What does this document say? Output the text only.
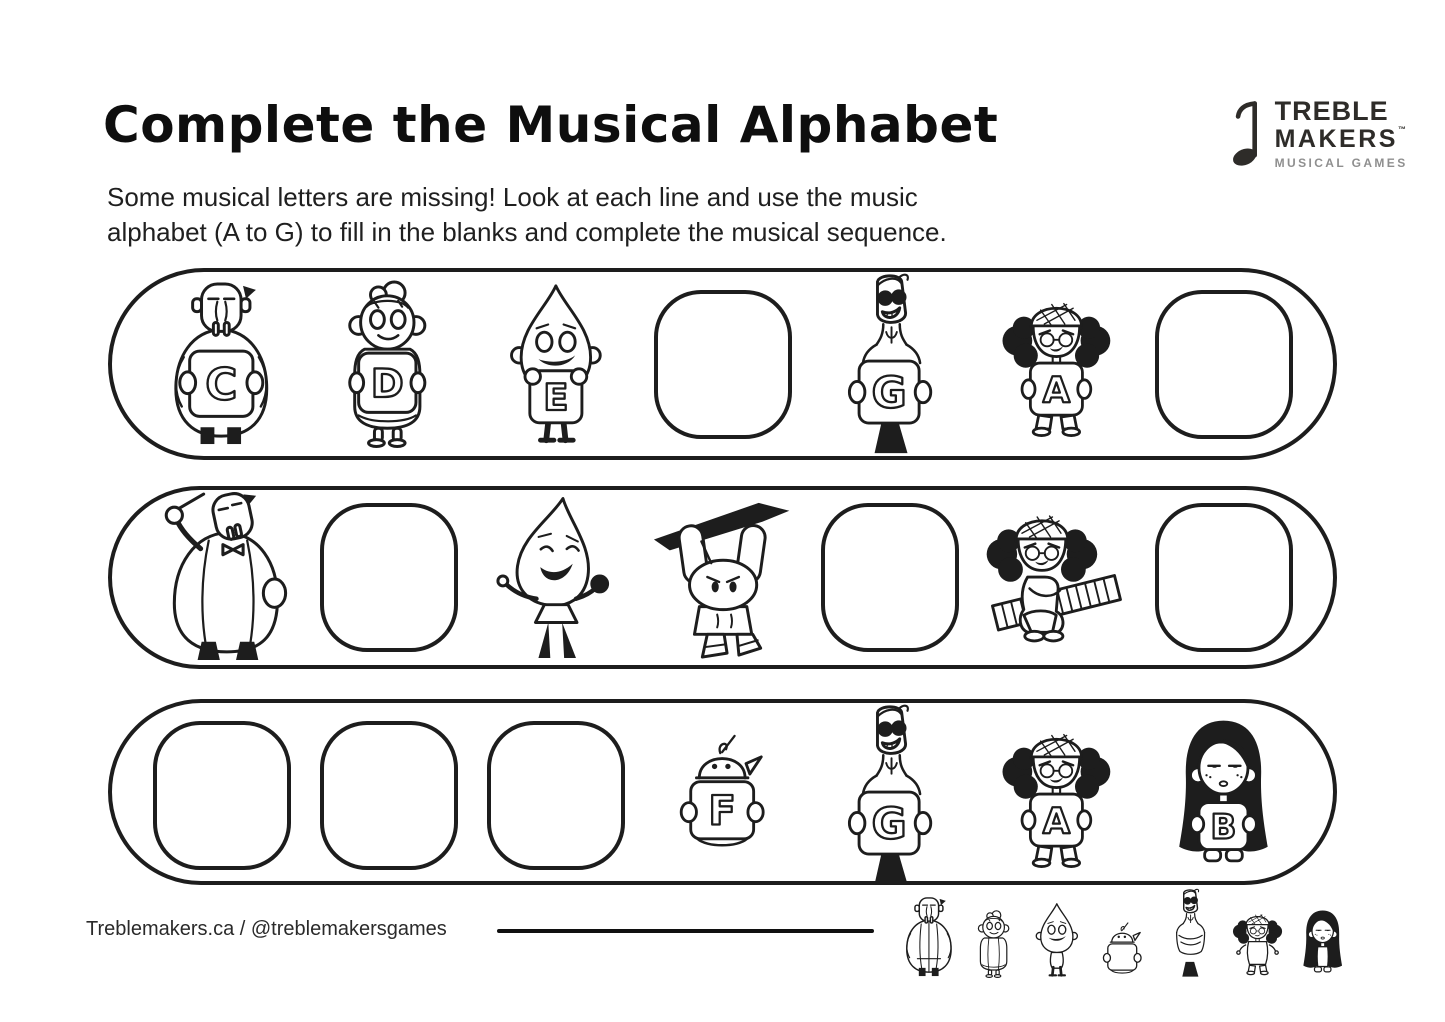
Complete the Musical Alphabet
Some musical letters are missing! Look at each line and use the music
alphabet (A to G) to fill in the blanks and complete the musical sequence.
TREBLE
MAKERS™
MUSICAL GAMES
C	D	E	G	A
F	G	A	B
Treblemakers.ca / @treblemakersgames
